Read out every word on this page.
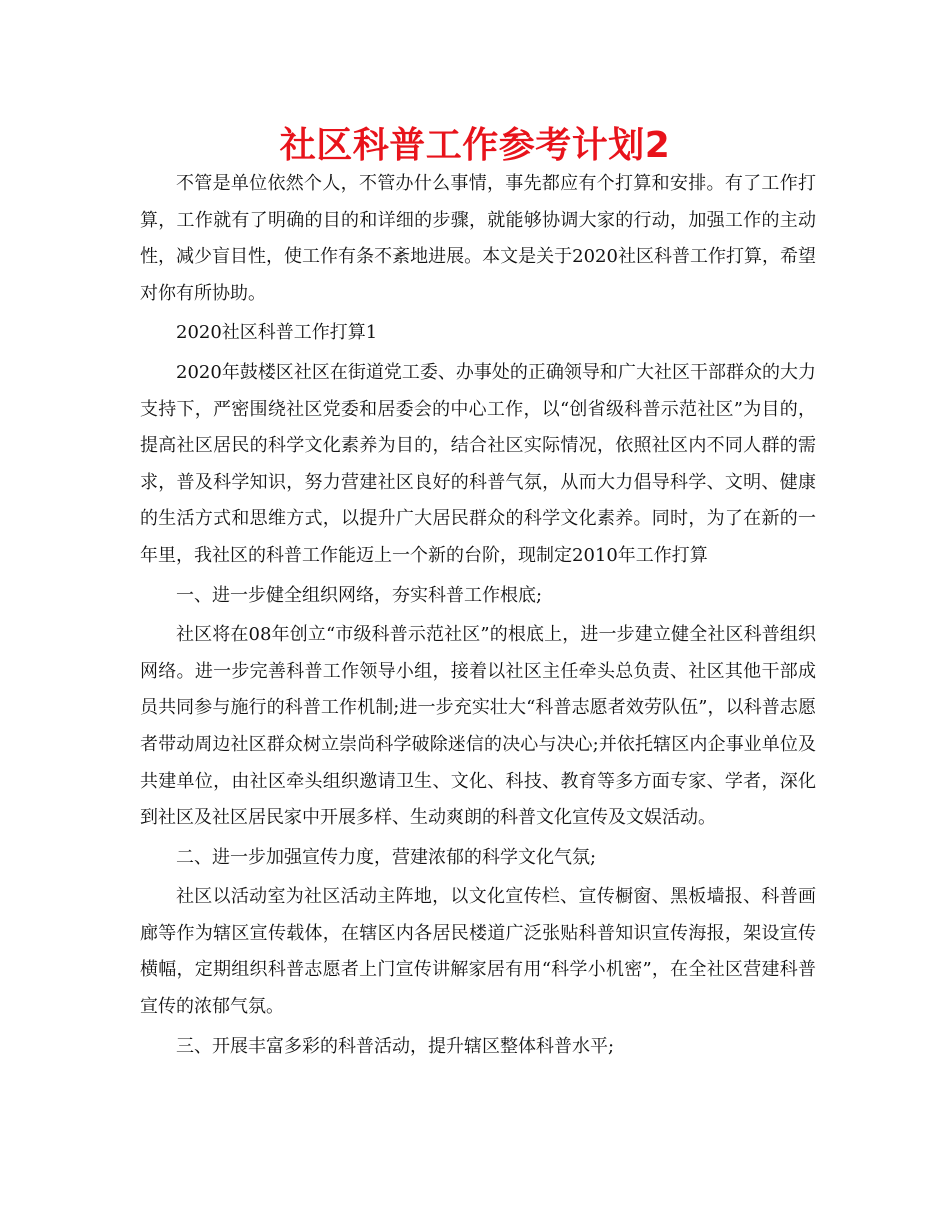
社区科普工作参考计划2

不管是单位依然个人，不管办什么事情，事先都应有个打算和安排。有了工作打算，工作就有了明确的目的和详细的步骤，就能够协调大家的行动，加强工作的主动性，减少盲目性，使工作有条不紊地进展。本文是关于2020社区科普工作打算，希望对你有所协助。

2020社区科普工作打算1

2020年鼓楼区社区在街道党工委、办事处的正确领导和广大社区干部群众的大力支持下，严密围绕社区党委和居委会的中心工作，以“创省级科普示范社区”为目的，提高社区居民的科学文化素养为目的，结合社区实际情况，依照社区内不同人群的需求，普及科学知识，努力营建社区良好的科普气氛，从而大力倡导科学、文明、健康的生活方式和思维方式，以提升广大居民群众的科学文化素养。同时，为了在新的一年里，我社区的科普工作能迈上一个新的台阶，现制定2010年工作打算

一、进一步健全组织网络，夯实科普工作根底;

社区将在08年创立“市级科普示范社区”的根底上，进一步建立健全社区科普组织网络。进一步完善科普工作领导小组，接着以社区主任牵头总负责、社区其他干部成员共同参与施行的科普工作机制;进一步充实壮大“科普志愿者效劳队伍”，以科普志愿者带动周边社区群众树立崇尚科学破除迷信的决心与决心;并依托辖区内企事业单位及共建单位，由社区牵头组织邀请卫生、文化、科技、教育等多方面专家、学者，深化到社区及社区居民家中开展多样、生动爽朗的科普文化宣传及文娱活动。

二、进一步加强宣传力度，营建浓郁的科学文化气氛;

社区以活动室为社区活动主阵地，以文化宣传栏、宣传橱窗、黑板墙报、科普画廊等作为辖区宣传载体，在辖区内各居民楼道广泛张贴科普知识宣传海报，架设宣传横幅，定期组织科普志愿者上门宣传讲解家居有用“科学小机密”，在全社区营建科普宣传的浓郁气氛。

三、开展丰富多彩的科普活动，提升辖区整体科普水平;
